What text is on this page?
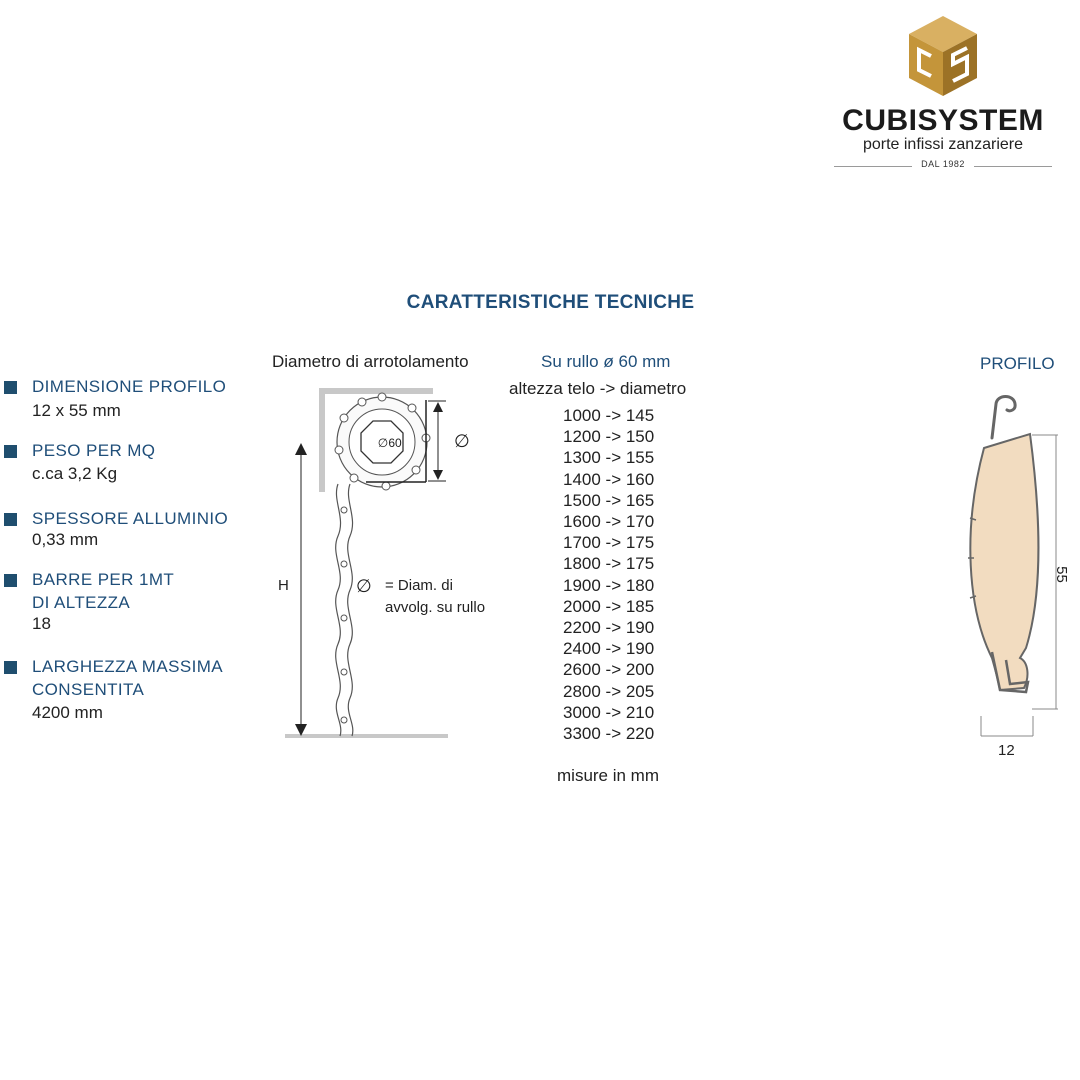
CUBISYSTEM
porte infissi zanzariere
DAL 1982
CARATTERISTICHE TECNICHE
DIMENSIONE PROFILO
12 x 55 mm
PESO PER MQ
c.ca 3,2 Kg
SPESSORE ALLUMINIO
0,33 mm
BARRE PER 1MT
DI ALTEZZA
18
LARGHEZZA MASSIMA
CONSENTITA
4200 mm
Diametro di arrotolamento
∅ 60	∅
H	∅ = Diam. di
avvolg. su rullo
Su rullo ø 60 mm
altezza telo -> diametro
1000 -> 145
1200 -> 150
1300 -> 155
1400 -> 160
1500 -> 165
1600 -> 170
1700 -> 175
1800 -> 175
1900 -> 180
2000 -> 185
2200 -> 190
2400 -> 190
2600 -> 200
2800 -> 205
3000 -> 210
3300 -> 220
misure in mm
PROFILO
55
12
